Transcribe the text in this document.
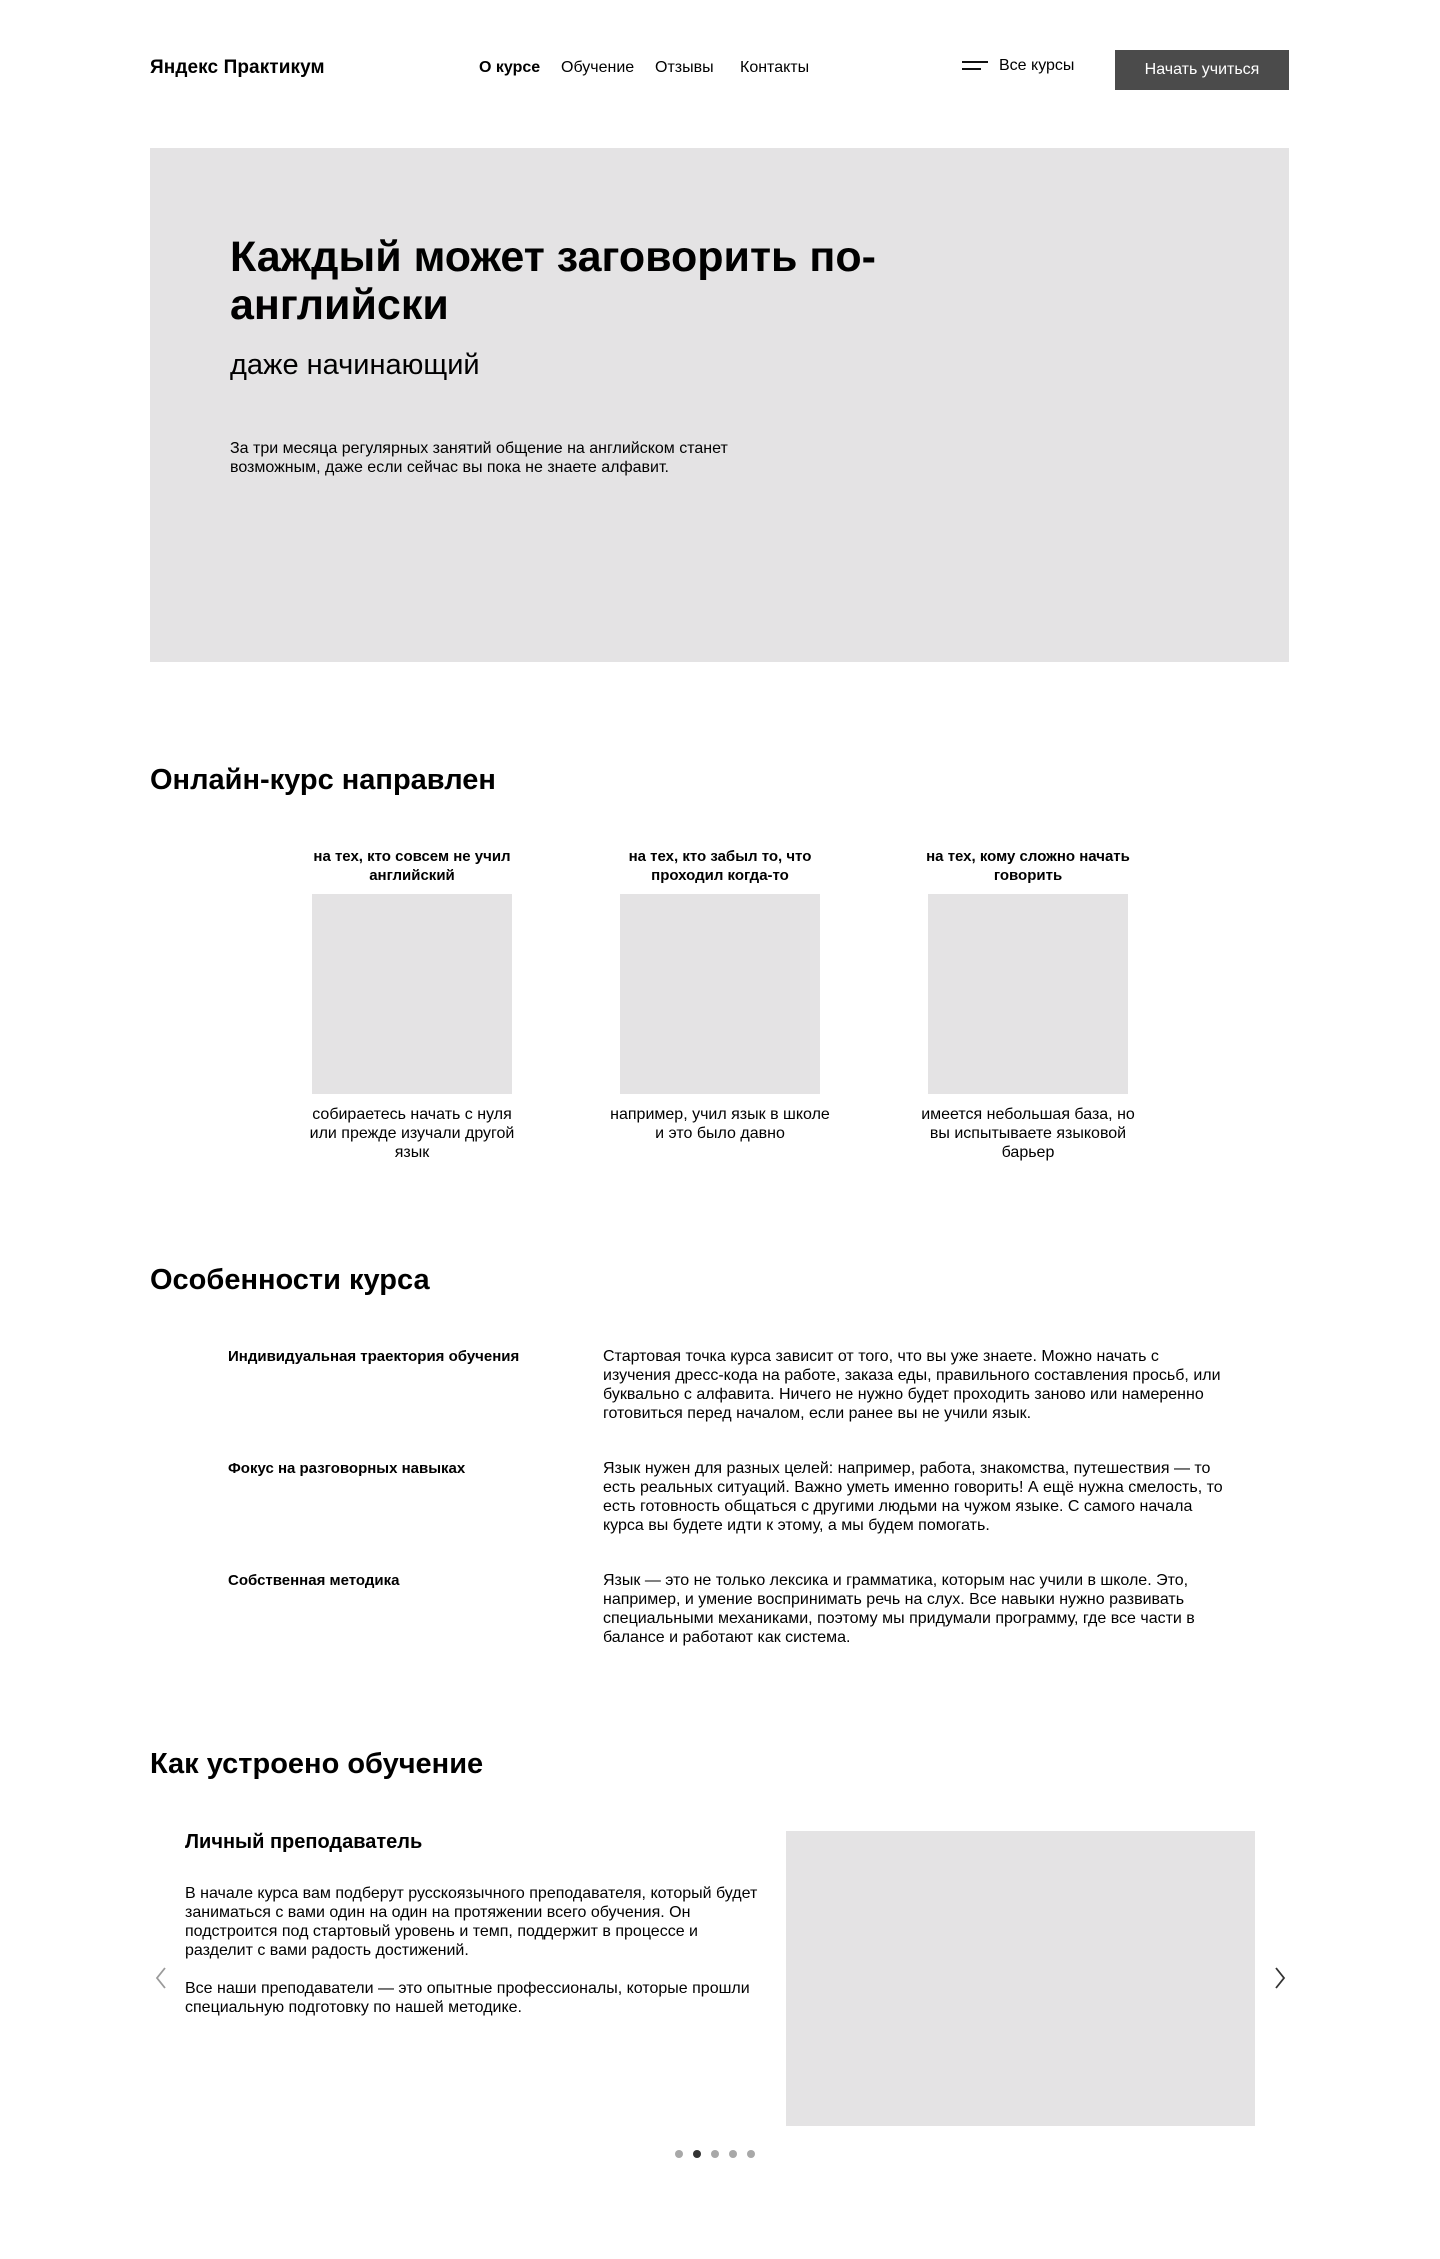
Яндекс Практикум	О курсе Обучение Отзывы Контакты	Все курсы	Начать учиться
Каждый может заговорить по-английски
даже начинающий

За три месяца регулярных занятий общение на английском станет возможным, даже если сейчас вы пока не знаете алфавит.

Онлайн-курс направлен
на тех, кто совсем не учил английский
собираетесь начать с нуля или прежде изучали другой язык
на тех, кто забыл то, что проходил когда-то
например, учил язык в школе и это было давно
на тех, кому сложно начать говорить
имеется небольшая база, но вы испытываете языковой барьер
Особенности курса
Индивидуальная траектория обучения	Стартовая точка курса зависит от того, что вы уже знаете. Можно начать с изучения дресс-кода на работе, заказа еды, правильного составления просьб, или буквально с алфавита. Ничего не нужно будет проходить заново или намеренно готовиться перед началом, если ранее вы не учили язык.
Фокус на разговорных навыках	Язык нужен для разных целей: например, работа, знакомства, путешествия — то есть реальных ситуаций. Важно уметь именно говорить! А ещё нужна смелость, то есть готовность общаться с другими людьми на чужом языке. С самого начала курса вы будете идти к этому, а мы будем помогать.
Собственная методика	Язык — это не только лексика и грамматика, которым нас учили в школе. Это, например, и умение воспринимать речь на слух. Все навыки нужно развивать специальными механиками, поэтому мы придумали программу, где все части в балансе и работают как система.
Как устроено обучение
Личный преподаватель

В начале курса вам подберут русскоязычного преподавателя, который будет заниматься с вами один на один на протяжении всего обучения. Он подстроится под стартовый уровень и темп, поддержит в процессе и разделит с вами радость достижений.

Все наши преподаватели — это опытные профессионалы, которые прошли специальную подготовку по нашей методике.
